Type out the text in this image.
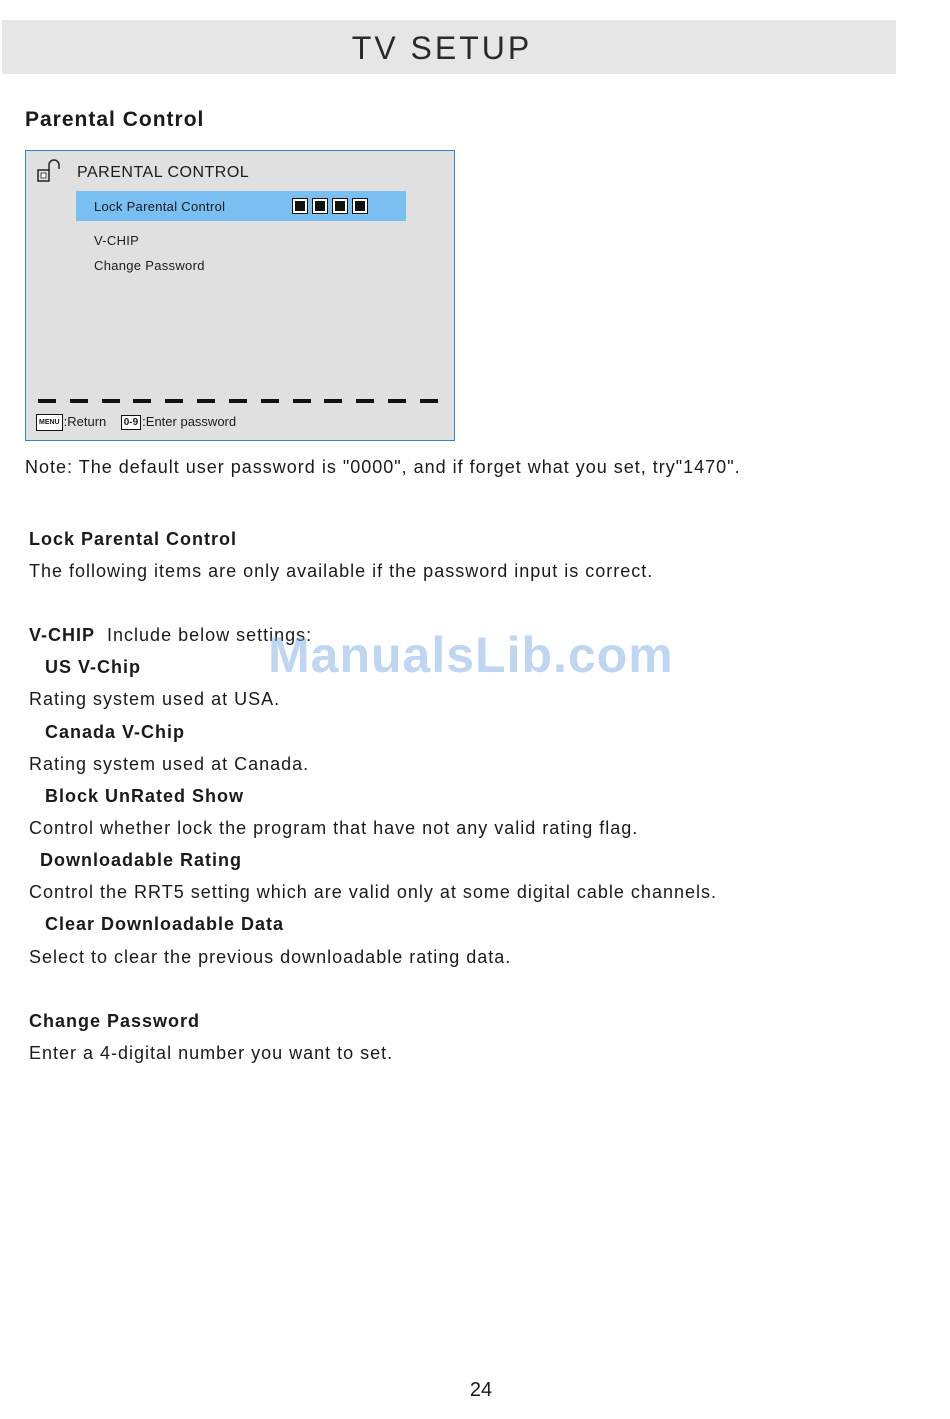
TV SETUP
Parental Control
PARENTAL CONTROL
Lock Parental Control
V-CHIP
Change Password
MENU :Return 0-9 :Enter password
Note: The default user password is "0000", and if forget what you set, try"1470".
Lock Parental Control
The following items are only available if the password input is correct.
V-CHIP Include below settings:
US V-Chip
Rating system used at USA.
Canada V-Chip
Rating system used at Canada.
Block UnRated Show
Control whether lock the program that have not any valid rating flag.
Downloadable Rating
Control the RRT5 setting which are valid only at some digital cable channels.
Clear Downloadable Data
Select to clear the previous downloadable rating data.
Change Password
Enter a 4-digital number you want to set.
ManualsLib.com
24
